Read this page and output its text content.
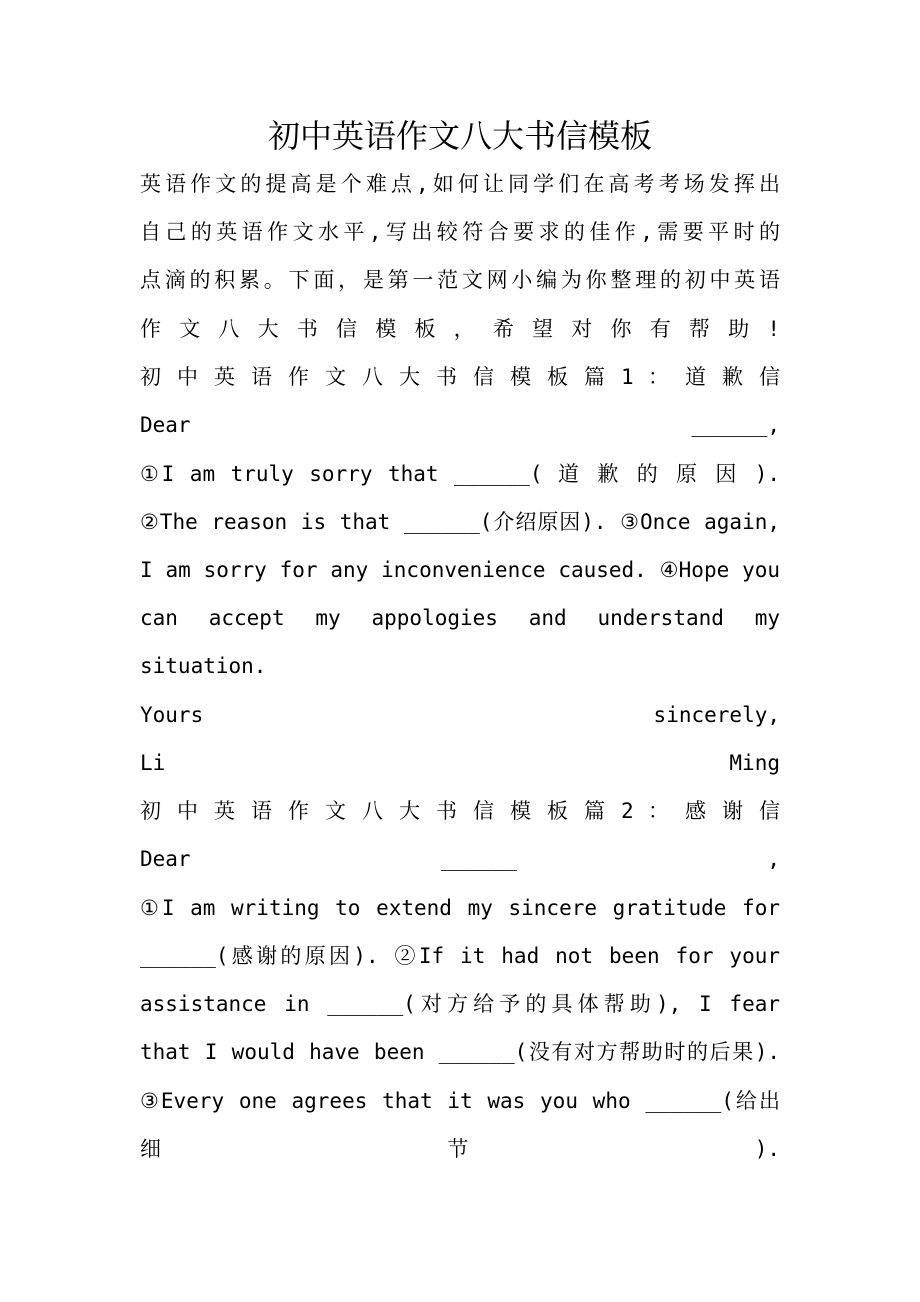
初中英语作文八大书信模板
英语作文的提高是个难点,如何让同学们在高考考场发挥出
自己的英语作文水平,写出较符合要求的佳作,需要平时的
点滴的积累。下面，是第一范文网小编为你整理的初中英语
作 文 八 大 书 信 模 板 ， 希 望 对 你 有 帮 助 !
初 中 英 语 作 文 八 大 书 信 模 板 篇 1 ： 道 歉 信
Dear ______,
①I am truly sorry that ______( 道 歉 的 原 因 ).
②The reason is that ______(介绍原因). ③Once again,
I am sorry for any inconvenience caused. ④Hope you
can accept my appologies and understand my
situation.
Yours sincerely,
Li Ming
初 中 英 语 作 文 八 大 书 信 模 板 篇 2 ： 感 谢 信
Dear ______ ,
①I am writing to extend my sincere gratitude for
______(感谢的原因). ②If it had not been for your
assistance in ______(对方给予的具体帮助), I fear
that I would have been ______(没有对方帮助时的后果).
③Every one agrees that it was you who ______(给出
细 节 ).
